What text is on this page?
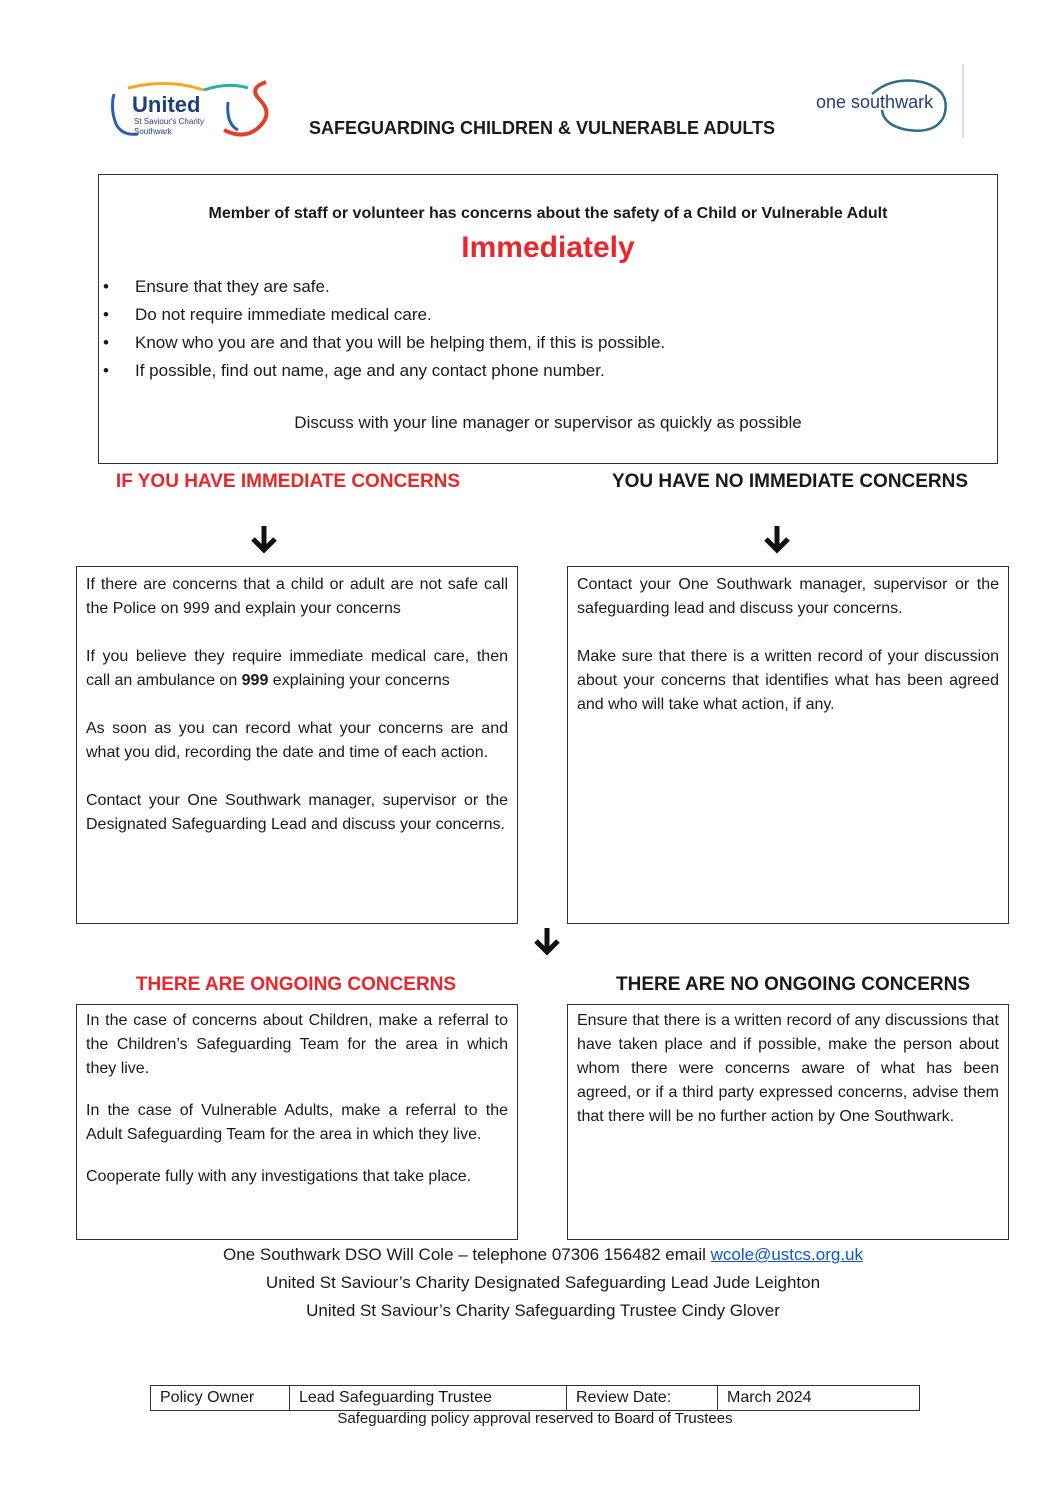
United
St Saviour's Charity
Southwark
one southwark
SAFEGUARDING CHILDREN & VULNERABLE ADULTS
Member of staff or volunteer has concerns about the safety of a Child or Vulnerable Adult
Immediately
• Ensure that they are safe.
• Do not require immediate medical care.
• Know who you are and that you will be helping them, if this is possible.
• If possible, find out name, age and any contact phone number.
Discuss with your line manager or supervisor as quickly as possible
IF YOU HAVE IMMEDIATE CONCERNS	YOU HAVE NO IMMEDIATE CONCERNS

If there are concerns that a child or adult are not safe call the Police on 999 and explain your concerns

If you believe they require immediate medical care, then call an ambulance on 999 explaining your concerns

As soon as you can record what your concerns are and what you did, recording the date and time of each action.

Contact your One Southwark manager, supervisor or the Designated Safeguarding Lead and discuss your concerns.

Contact your One Southwark manager, supervisor or the safeguarding lead and discuss your concerns.

Make sure that there is a written record of your discussion about your concerns that identifies what has been agreed and who will take what action, if any.

THERE ARE ONGOING CONCERNS	THERE ARE NO ONGOING CONCERNS

In the case of concerns about Children, make a referral to the Children’s Safeguarding Team for the area in which they live.

In the case of Vulnerable Adults, make a referral to the Adult Safeguarding Team for the area in which they live.

Cooperate fully with any investigations that take place.

Ensure that there is a written record of any discussions that have taken place and if possible, make the person about whom there were concerns aware of what has been agreed, or if a third party expressed concerns, advise them that there will be no further action by One Southwark.

One Southwark DSO Will Cole – telephone 07306 156482 email wcole@ustcs.org.uk
United St Saviour’s Charity Designated Safeguarding Lead Jude Leighton
United St Saviour’s Charity Safeguarding Trustee Cindy Glover
Policy Owner	Lead Safeguarding Trustee	Review Date:	March 2024
Safeguarding policy approval reserved to Board of Trustees
